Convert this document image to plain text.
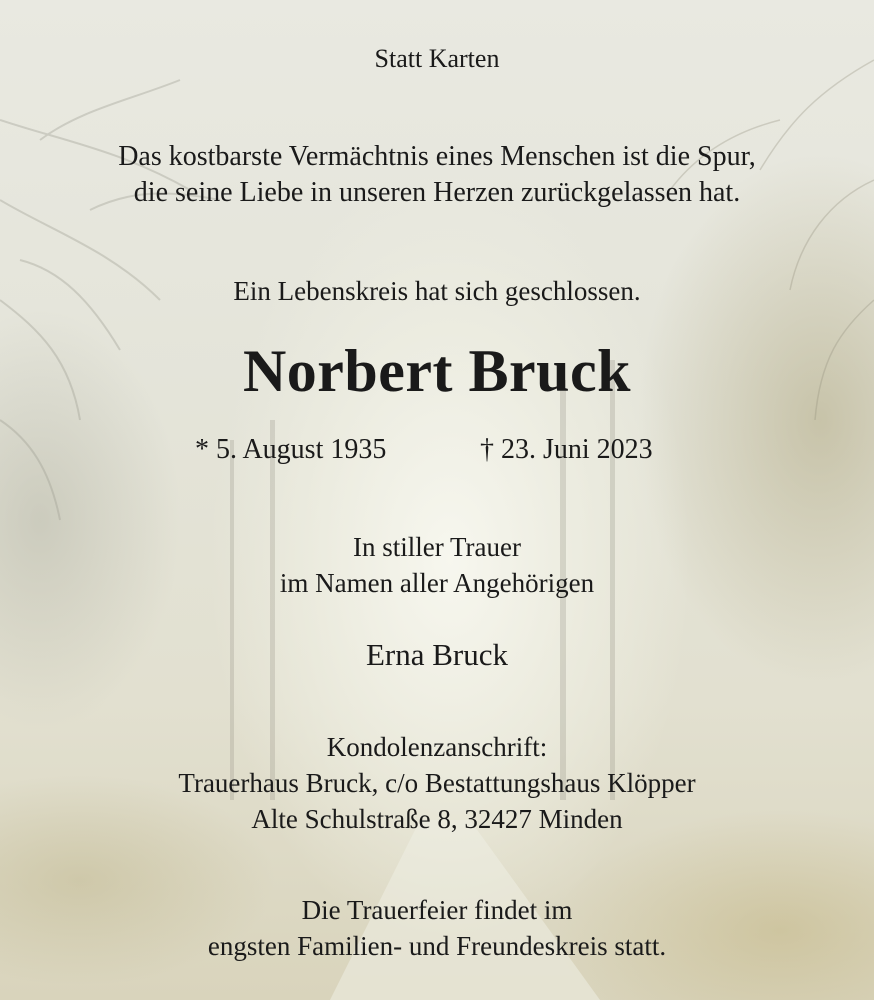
Statt Karten
Das kostbarste Vermächtnis eines Menschen ist die Spur,
die seine Liebe in unseren Herzen zurückgelassen hat.
Ein Lebenskreis hat sich geschlossen.
Norbert Bruck
* 5. August 1935	† 23. Juni 2023
In stiller Trauer
im Namen aller Angehörigen
Erna Bruck
Kondolenzanschrift:
Trauerhaus Bruck, c/o Bestattungshaus Klöpper
Alte Schulstraße 8, 32427 Minden
Die Trauerfeier findet im
engsten Familien- und Freundeskreis statt.
